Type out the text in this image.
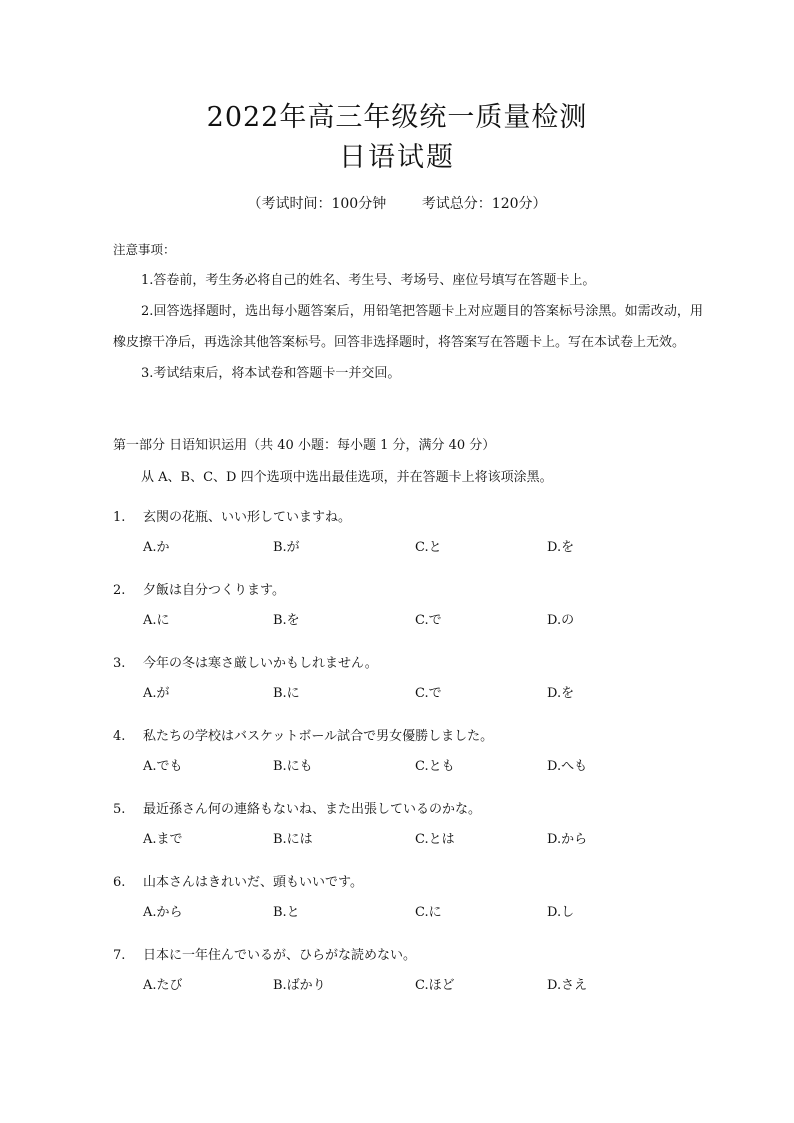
2022年高三年级统一质量检测
日语试题
（考试时间：100分钟        考试总分：120分）
注意事项：
1.答卷前，考生务必将自己的姓名、考生号、考场号、座位号填写在答题卡上。
2.回答选择题时，选出每小题答案后，用铅笔把答题卡上对应题目的答案标号涂黑。如需改动，用橡皮擦干净后，再选涂其他答案标号。回答非选择题时，将答案写在答题卡上。写在本试卷上无效。
3.考试结束后，将本试卷和答题卡一并交回。
第一部分 日语知识运用（共 40 小题：每小题 1 分，满分 40 分）
从 A、B、C、D 四个选项中选出最佳选项，并在答题卡上将该项涂黑。
1. 玄関の花瓶、いい形していますね。
A.か	B.が	C.と	D.を
2. 夕飯は自分つくります。
A.に	B.を	C.で	D.の
3. 今年の冬は寒さ厳しいかもしれません。
A.が	B.に	C.で	D.を
4. 私たちの学校はバスケットボール試合で男女優勝しました。
A.でも	B.にも	C.とも	D.へも
5. 最近孫さん何の連絡もないね、また出張しているのかな。
A.まで	B.には	C.とは	D.から
6. 山本さんはきれいだ、頭もいいです。
A.から	B.と	C.に	D.し
7. 日本に一年住んでいるが、ひらがな読めない。
A.たび	B.ばかり	C.ほど	D.さえ
